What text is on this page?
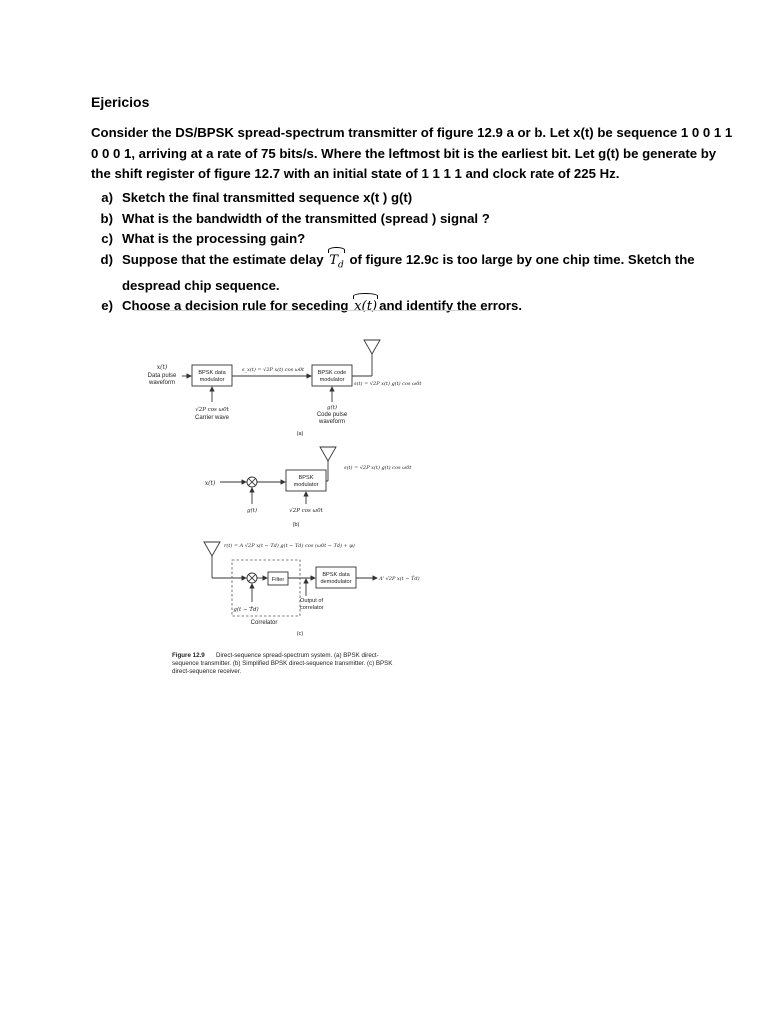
Ejericios
Consider the DS/BPSK spread-spectrum transmitter of figure 12.9 a or b. Let x(t) be sequence 1 0 0 1 1
0 0 0 1, arriving at a rate of 75 bits/s. Where the leftmost bit is the earliest bit. Let g(t) be generate by
the shift register of figure 12.7 with an initial state of 1 1 1 1 and clock rate of 225 Hz.
a) Sketch the final transmitted sequence x(t ) g(t)
b) What is the bandwidth of the transmitted (spread ) signal ?
c) What is the processing gain?
d) Suppose that the estimate delay $T_d$ of figure 12.9c is too large by one chip time. Sketch the
despread chip sequence.
e) Choose a decision rule for seceding x(t) and identify the errors.
x(t)
Data pulse
waveform
BPSK data
modulator
s_x(t) = √2P x(t) cos ω0t BPSK code
modulator
s(t) = √2P x(t) g(t) cos ω0t
√2P cos ω0t
Carrier wave
g(t)
Code pulse
waveform
(a)
s(t) = √2P x(t) g(t) cos ω0t
x(t)
BPSK
modulator
g(t)	√2P cos ω0t
(b)
r(t) = A √2P x(t − Td) g(t − Td) cos (ω0t − Td) + φ)
Filter
BPSK data
demodulator	A' √2P x(t − T̂d)
Output of
correlator
g(t − T̂d)
Correlator
(c)
Figure 12.9 Direct-sequence spread-spectrum system. (a) BPSK direct-
sequence transmitter. (b) Simplified BPSK direct-sequence transmitter. (c) BPSK
direct-sequence receiver.
